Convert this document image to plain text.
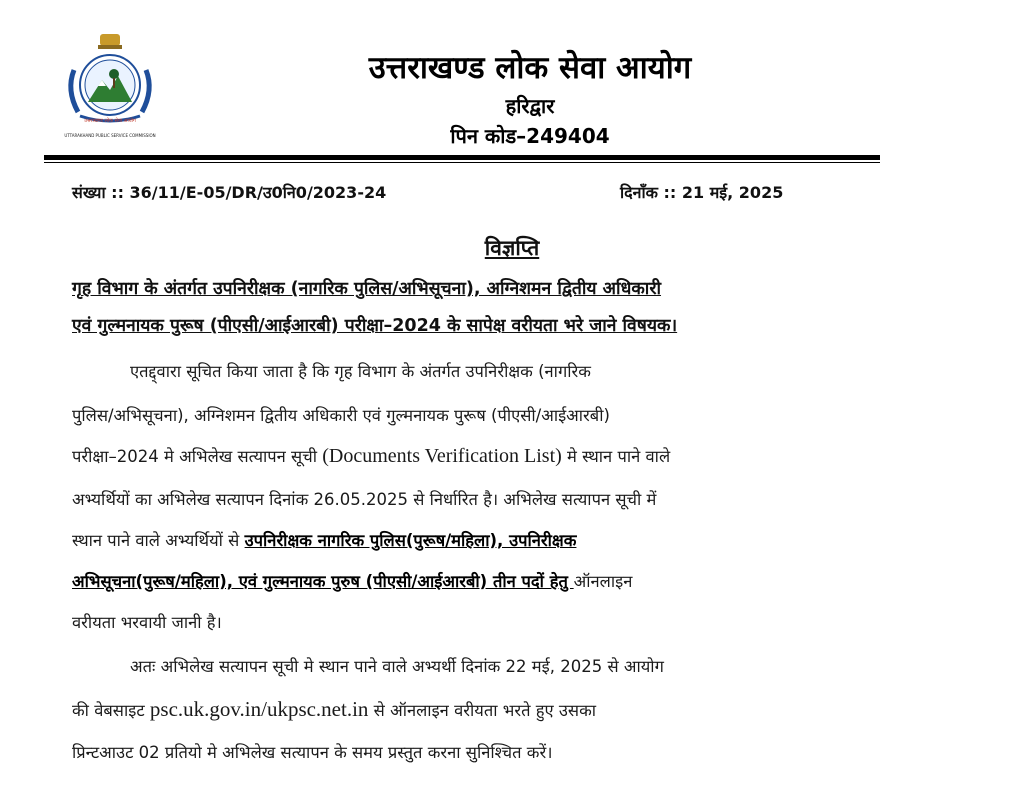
उत्तराखण्ड लोक सेवा आयोग
UTTARAKHAND PUBLIC SERVICE COMMISSION
उत्तराखण्ड लोक सेवा आयोग
हरिद्वार
पिन कोड–249404
संख्या :: 36/11/E-05/DR/उ0नि0/2023-24	दिनाँक :: 21 मई, 2025
विज्ञप्ति
गृह विभाग के अंतर्गत उपनिरीक्षक (नागरिक पुलिस/अभिसूचना), अग्निशमन द्वितीय अधिकारी
एवं गुल्मनायक पुरूष (पीएसी/आईआरबी) परीक्षा–2024 के सापेक्ष वरीयता भरे जाने विषयक।
एतद्द्वारा सूचित किया जाता है कि गृह विभाग के अंतर्गत उपनिरीक्षक (नागरिक
पुलिस/अभिसूचना), अग्निशमन द्वितीय अधिकारी एवं गुल्मनायक पुरूष (पीएसी/आईआरबी)
परीक्षा–2024 मे अभिलेख सत्यापन सूची (Documents Verification List) मे स्थान पाने वाले
अभ्यर्थियों का अभिलेख सत्यापन दिनांक 26.05.2025 से निर्धारित है। अभिलेख सत्यापन सूची में
स्थान पाने वाले अभ्यर्थियों से उपनिरीक्षक नागरिक पुलिस(पुरूष/महिला), उपनिरीक्षक
अभिसूचना(पुरूष/महिला), एवं गुल्मनायक पुरुष (पीएसी/आईआरबी) तीन पदों हेतु ऑनलाइन
वरीयता भरवायी जानी है।
अतः अभिलेख सत्यापन सूची मे स्थान पाने वाले अभ्यर्थी दिनांक 22 मई, 2025 से आयोग
की वेबसाइट psc.uk.gov.in/ukpsc.net.in से ऑनलाइन वरीयता भरते हुए उसका
प्रिन्टआउट 02 प्रतियो मे अभिलेख सत्यापन के समय प्रस्तुत करना सुनिश्चित करें।
